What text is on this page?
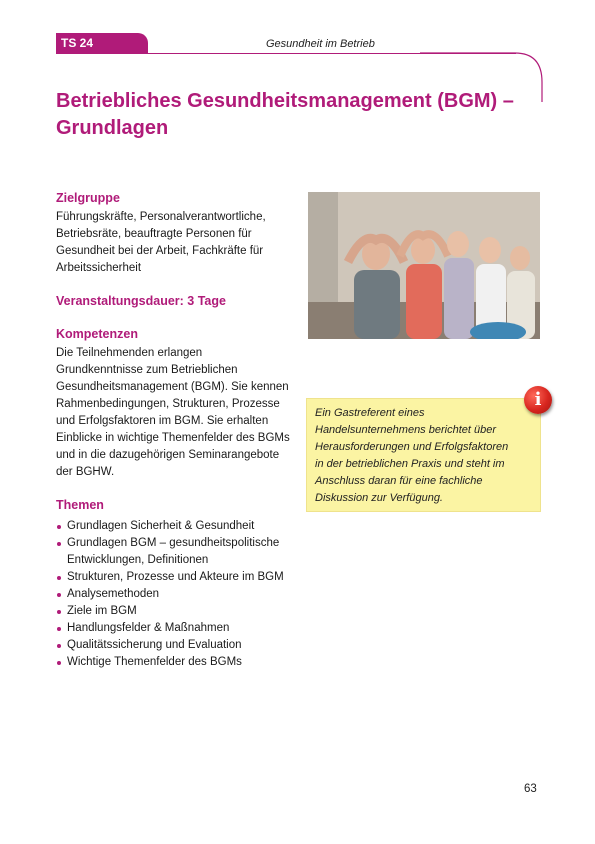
TS 24	Gesundheit im Betrieb
Betriebliches Gesundheitsmanagement (BGM) –
Grundlagen
Zielgruppe

Führungskräfte, Personalverantwortliche, Betriebsräte, beauftragte Personen für Gesundheit bei der Arbeit, Fachkräfte für Arbeitssicherheit

Veranstaltungsdauer: 3 Tage
Kompetenzen

Die Teilnehmenden erlangen Grundkenntnisse zum Betrieblichen Gesundheitsmanagement (BGM). Sie kennen Rahmenbedingungen, Strukturen, Prozesse und Erfolgsfaktoren im BGM. Sie erhalten Einblicke in wichtige Themenfelder des BGMs und in die dazugehörigen Seminarangebote der BGHW.

Themen
Grundlagen Sicherheit & Gesundheit
Grundlagen BGM – gesundheitspolitische Entwicklungen, Definitionen
Strukturen, Prozesse und Akteure im BGM
Analysemethoden
Ziele im BGM
Handlungsfelder & Maßnahmen
Qualitätssicherung und Evaluation
Wichtige Themenfelder des BGMs
Ein Gastreferent eines Handelsunternehmens berichtet über Herausforderungen und Erfolgsfaktoren in der betrieblichen Praxis und steht im Anschluss daran für eine fachliche Diskussion zur Verfügung.
i
63
